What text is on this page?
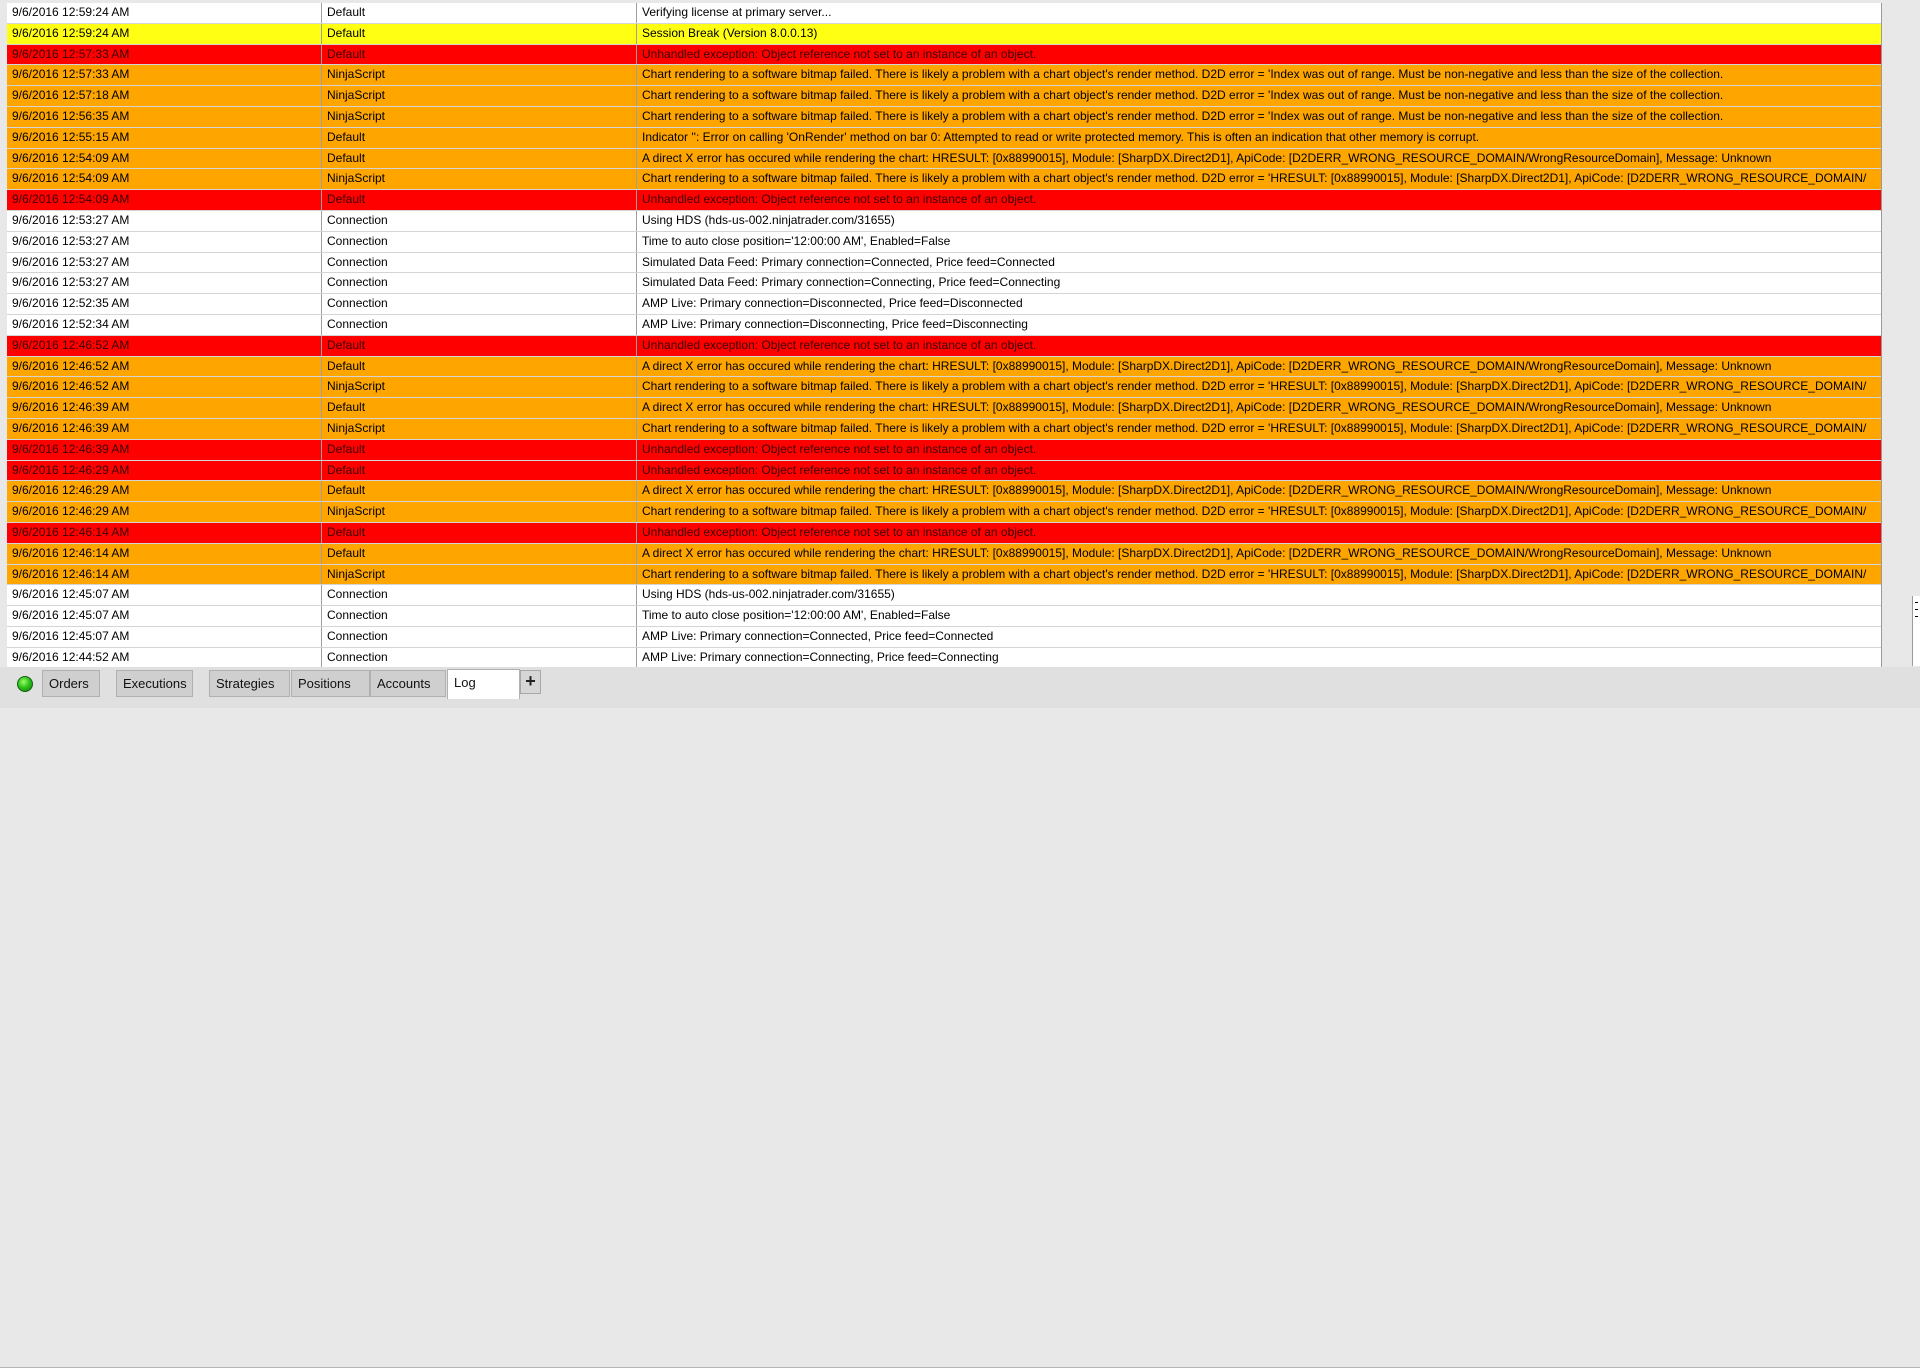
9/6/2016 12:59:24 AM	Default	Verifying license at primary server...
9/6/2016 12:59:24 AM	Default	Session Break (Version 8.0.0.13)
9/6/2016 12:57:33 AM	Default	Unhandled exception: Object reference not set to an instance of an object.
9/6/2016 12:57:33 AM	NinjaScript	Chart rendering to a software bitmap failed. There is likely a problem with a chart object's render method. D2D error = 'Index was out of range. Must be non-negative and less than the size of the collection.
9/6/2016 12:57:18 AM	NinjaScript	Chart rendering to a software bitmap failed. There is likely a problem with a chart object's render method. D2D error = 'Index was out of range. Must be non-negative and less than the size of the collection.
9/6/2016 12:56:35 AM	NinjaScript	Chart rendering to a software bitmap failed. There is likely a problem with a chart object's render method. D2D error = 'Index was out of range. Must be non-negative and less than the size of the collection.
9/6/2016 12:55:15 AM	Default	Indicator '': Error on calling 'OnRender' method on bar 0: Attempted to read or write protected memory. This is often an indication that other memory is corrupt.
9/6/2016 12:54:09 AM	Default	A direct X error has occured while rendering the chart: HRESULT: [0x88990015], Module: [SharpDX.Direct2D1], ApiCode: [D2DERR_WRONG_RESOURCE_DOMAIN/WrongResourceDomain], Message: Unknown
9/6/2016 12:54:09 AM	NinjaScript	Chart rendering to a software bitmap failed. There is likely a problem with a chart object's render method. D2D error = 'HRESULT: [0x88990015], Module: [SharpDX.Direct2D1], ApiCode: [D2DERR_WRONG_RESOURCE_DOMAIN/
9/6/2016 12:54:09 AM	Default	Unhandled exception: Object reference not set to an instance of an object.
9/6/2016 12:53:27 AM	Connection	Using HDS (hds-us-002.ninjatrader.com/31655)
9/6/2016 12:53:27 AM	Connection	Time to auto close position='12:00:00 AM', Enabled=False
9/6/2016 12:53:27 AM	Connection	Simulated Data Feed: Primary connection=Connected, Price feed=Connected
9/6/2016 12:53:27 AM	Connection	Simulated Data Feed: Primary connection=Connecting, Price feed=Connecting
9/6/2016 12:52:35 AM	Connection	AMP Live: Primary connection=Disconnected, Price feed=Disconnected
9/6/2016 12:52:34 AM	Connection	AMP Live: Primary connection=Disconnecting, Price feed=Disconnecting
9/6/2016 12:46:52 AM	Default	Unhandled exception: Object reference not set to an instance of an object.
9/6/2016 12:46:52 AM	Default	A direct X error has occured while rendering the chart: HRESULT: [0x88990015], Module: [SharpDX.Direct2D1], ApiCode: [D2DERR_WRONG_RESOURCE_DOMAIN/WrongResourceDomain], Message: Unknown
9/6/2016 12:46:52 AM	NinjaScript	Chart rendering to a software bitmap failed. There is likely a problem with a chart object's render method. D2D error = 'HRESULT: [0x88990015], Module: [SharpDX.Direct2D1], ApiCode: [D2DERR_WRONG_RESOURCE_DOMAIN/
9/6/2016 12:46:39 AM	Default	A direct X error has occured while rendering the chart: HRESULT: [0x88990015], Module: [SharpDX.Direct2D1], ApiCode: [D2DERR_WRONG_RESOURCE_DOMAIN/WrongResourceDomain], Message: Unknown
9/6/2016 12:46:39 AM	NinjaScript	Chart rendering to a software bitmap failed. There is likely a problem with a chart object's render method. D2D error = 'HRESULT: [0x88990015], Module: [SharpDX.Direct2D1], ApiCode: [D2DERR_WRONG_RESOURCE_DOMAIN/
9/6/2016 12:46:39 AM	Default	Unhandled exception: Object reference not set to an instance of an object.
9/6/2016 12:46:29 AM	Default	Unhandled exception: Object reference not set to an instance of an object.
9/6/2016 12:46:29 AM	Default	A direct X error has occured while rendering the chart: HRESULT: [0x88990015], Module: [SharpDX.Direct2D1], ApiCode: [D2DERR_WRONG_RESOURCE_DOMAIN/WrongResourceDomain], Message: Unknown
9/6/2016 12:46:29 AM	NinjaScript	Chart rendering to a software bitmap failed. There is likely a problem with a chart object's render method. D2D error = 'HRESULT: [0x88990015], Module: [SharpDX.Direct2D1], ApiCode: [D2DERR_WRONG_RESOURCE_DOMAIN/
9/6/2016 12:46:14 AM	Default	Unhandled exception: Object reference not set to an instance of an object.
9/6/2016 12:46:14 AM	Default	A direct X error has occured while rendering the chart: HRESULT: [0x88990015], Module: [SharpDX.Direct2D1], ApiCode: [D2DERR_WRONG_RESOURCE_DOMAIN/WrongResourceDomain], Message: Unknown
9/6/2016 12:46:14 AM	NinjaScript	Chart rendering to a software bitmap failed. There is likely a problem with a chart object's render method. D2D error = 'HRESULT: [0x88990015], Module: [SharpDX.Direct2D1], ApiCode: [D2DERR_WRONG_RESOURCE_DOMAIN/
9/6/2016 12:45:07 AM	Connection	Using HDS (hds-us-002.ninjatrader.com/31655)
9/6/2016 12:45:07 AM	Connection	Time to auto close position='12:00:00 AM', Enabled=False
9/6/2016 12:45:07 AM	Connection	AMP Live: Primary connection=Connected, Price feed=Connected
9/6/2016 12:44:52 AM	Connection	AMP Live: Primary connection=Connecting, Price feed=Connecting
Orders	Executions	Strategies	Positions	Accounts	Log	+
